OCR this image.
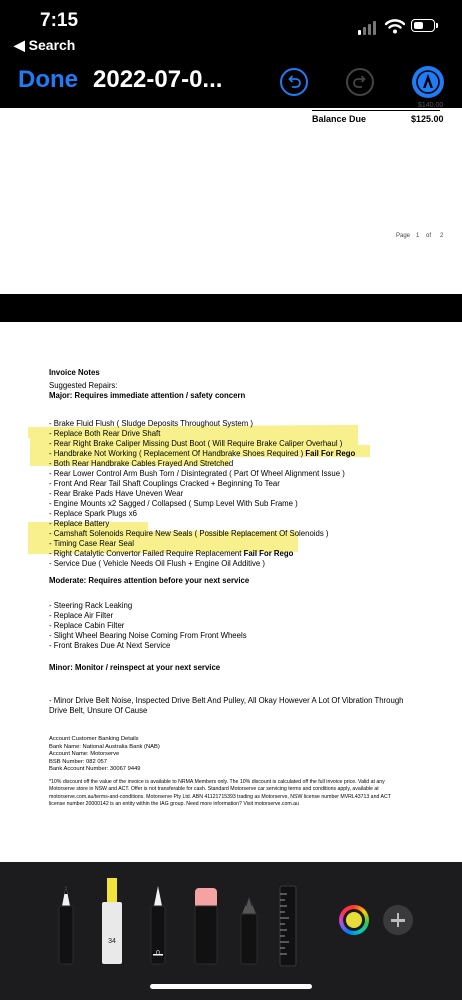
7:15
◀ Search
Done 2022-07-0...
$140.00
Balance Due	$125.00
Page 1 of 2
Invoice Notes
Suggested Repairs:
Major: Requires immediate attention / safety concern
- Brake Fluid Flush ( Sludge Deposits Throughout System )
- Replace Both Rear Drive Shaft
- Rear Right Brake Caliper Missing Dust Boot ( Will Require Brake Caliper Overhaul )
- Handbrake Not Working ( Replacement Of Handbrake Shoes Required ) Fail For Rego
- Both Rear Handbrake Cables Frayed And Stretched
- Rear Lower Control Arm Bush Torn / Disintegrated ( Part Of Wheel Alignment Issue )
- Front And Rear Tail Shaft Couplings Cracked + Beginning To Tear
- Rear Brake Pads Have Uneven Wear
- Engine Mounts x2 Sagged / Collapsed ( Sump Level With Sub Frame )
- Replace Spark Plugs x6
- Replace Battery
- Camshaft Solenoids Require New Seals ( Possible Replacement Of Solenoids )
- Timing Case Rear Seal
- Right Catalytic Convertor Failed Require Replacement Fail For Rego
- Service Due ( Vehicle Needs Oil Flush + Engine Oil Additive )
Moderate: Requires attention before your next service
- Steering Rack Leaking
- Replace Air Filter
- Replace Cabin Filter
- Slight Wheel Bearing Noise Coming From Front Wheels
- Front Brakes Due At Next Service
Minor: Monitor / reinspect at your next service
- Minor Drive Belt Noise, Inspected Drive Belt And Pulley, All Okay However A Lot Of Vibration Through
Drive Belt, Unsure Of Cause
Account Customer Banking Details
Bank Name: National Australia Bank (NAB)
Account Name: Motorserve
BSB Number: 082 057
Bank Account Number: 30067 9449
*10% discount off the value of the invoice is available to NRMA Members only. The 10% discount is calculated off the full invoice price. Valid at any
Motorserve store in NSW and ACT. Offer is not transferable for cash. Standard Motorserve car servicing terms and conditions apply, available at
motorserve.com.au/terms-and-conditions. Motorserve Pty Ltd. ABN 41121715393 trading as Motorserve, NSW license number MVRL43713 and ACT
license number 20000142 is an entity within the IAG group. Need more information? Visit motorserve.com.au
34
0
